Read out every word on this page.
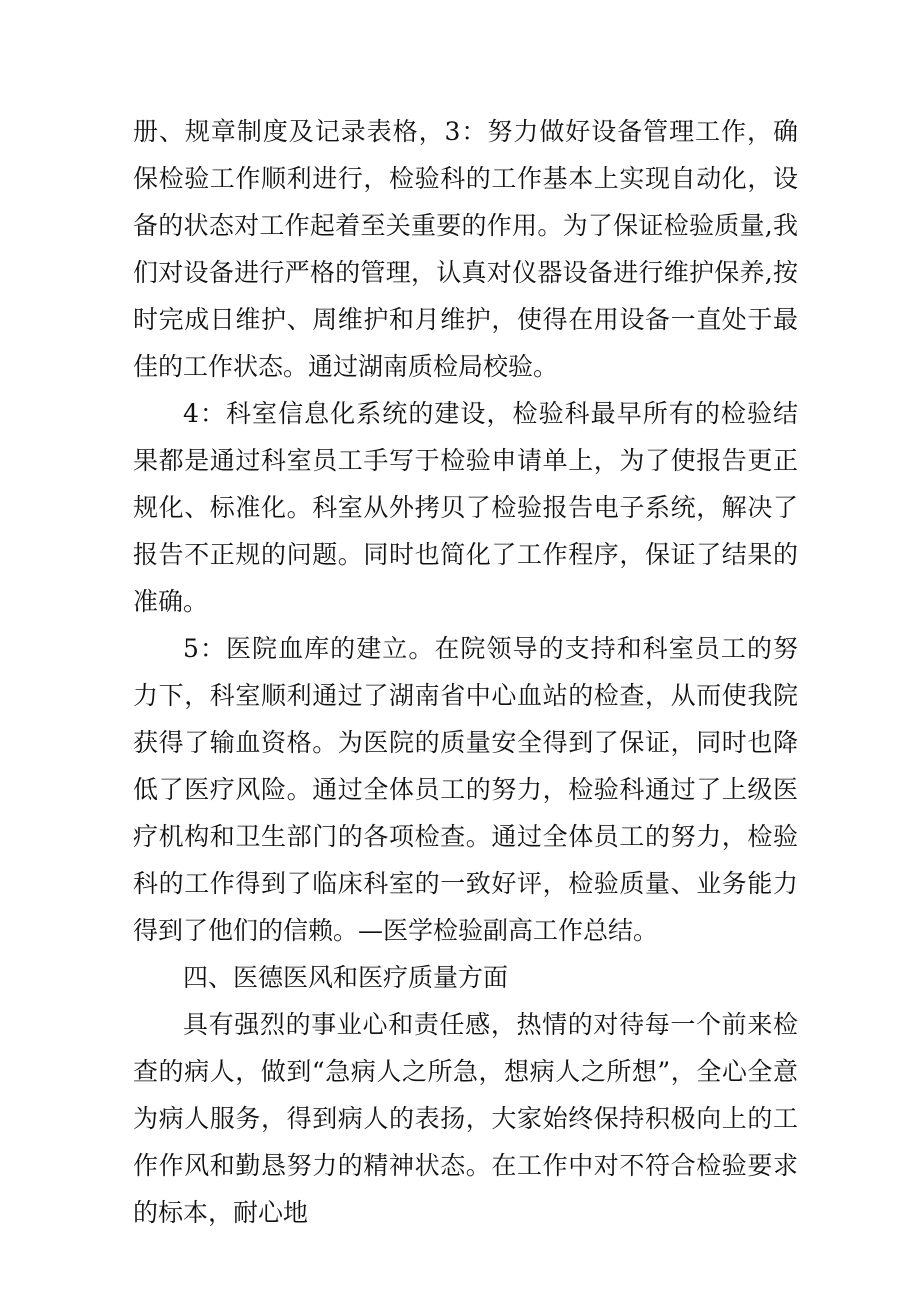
册、规章制度及记录表格，3：努力做好设备管理工作，确保检验工作顺利进行，检验科的工作基本上实现自动化，设备的状态对工作起着至关重要的作用。为了保证检验质量,我们对设备进行严格的管理，认真对仪器设备进行维护保养,按时完成日维护、周维护和月维护，使得在用设备一直处于最佳的工作状态。通过湖南质检局校验。

4：科室信息化系统的建设，检验科最早所有的检验结果都是通过科室员工手写于检验申请单上，为了使报告更正规化、标准化。科室从外拷贝了检验报告电子系统，解决了报告不正规的问题。同时也简化了工作程序，保证了结果的准确。

5：医院血库的建立。在院领导的支持和科室员工的努力下，科室顺利通过了湖南省中心血站的检查，从而使我院获得了输血资格。为医院的质量安全得到了保证，同时也降低了医疗风险。通过全体员工的努力，检验科通过了上级医疗机构和卫生部门的各项检查。通过全体员工的努力，检验科的工作得到了临床科室的一致好评，检验质量、业务能力得到了他们的信赖。—医学检验副高工作总结。

四、医德医风和医疗质量方面

具有强烈的事业心和责任感，热情的对待每一个前来检查的病人，做到“急病人之所急，想病人之所想”，全心全意为病人服务，得到病人的表扬，大家始终保持积极向上的工作作风和勤恳努力的精神状态。在工作中对不符合检验要求的标本，耐心地
